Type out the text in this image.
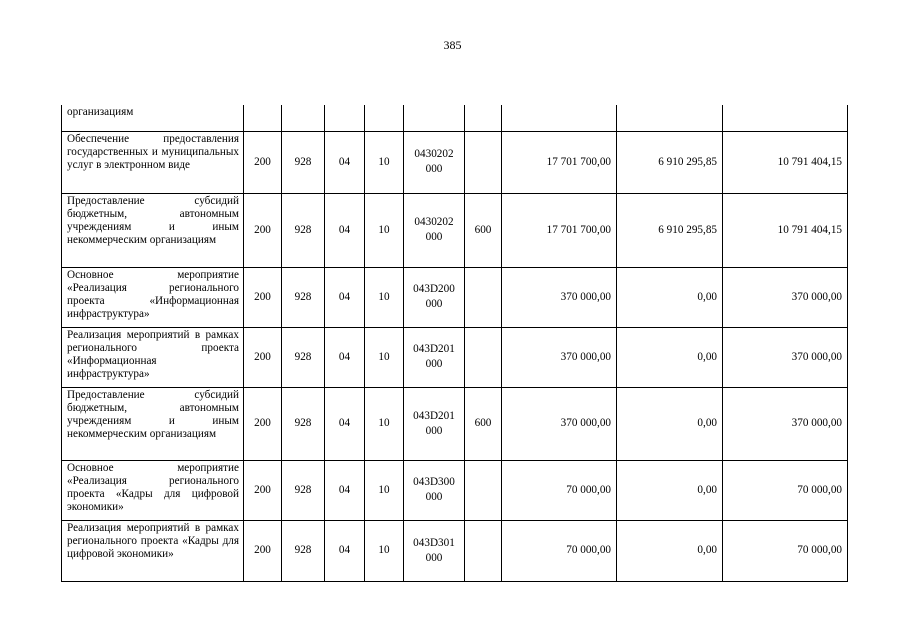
385
организациям									
Обеспечение предоставления государственных и муниципальных услуг в электронном виде	200	928	04	10	0430202 000		17 701 700,00	6 910 295,85	10 791 404,15
Предоставление субсидий бюджетным, автономным учреждениям и иным некоммерческим организациям	200	928	04	10	0430202 000	600	17 701 700,00	6 910 295,85	10 791 404,15
Основное мероприятие «Реализация регионального проекта «Информационная инфраструктура»	200	928	04	10	043D200 000		370 000,00	0,00	370 000,00
Реализация мероприятий в рамках регионального проекта «Информационная инфраструктура»	200	928	04	10	043D201 000		370 000,00	0,00	370 000,00
Предоставление субсидий бюджетным, автономным учреждениям и иным некоммерческим организациям	200	928	04	10	043D201 000	600	370 000,00	0,00	370 000,00
Основное мероприятие «Реализация регионального проекта «Кадры для цифровой экономики»	200	928	04	10	043D300 000		70 000,00	0,00	70 000,00
Реализация мероприятий в рамках регионального проекта «Кадры для цифровой экономики»	200	928	04	10	043D301 000		70 000,00	0,00	70 000,00
